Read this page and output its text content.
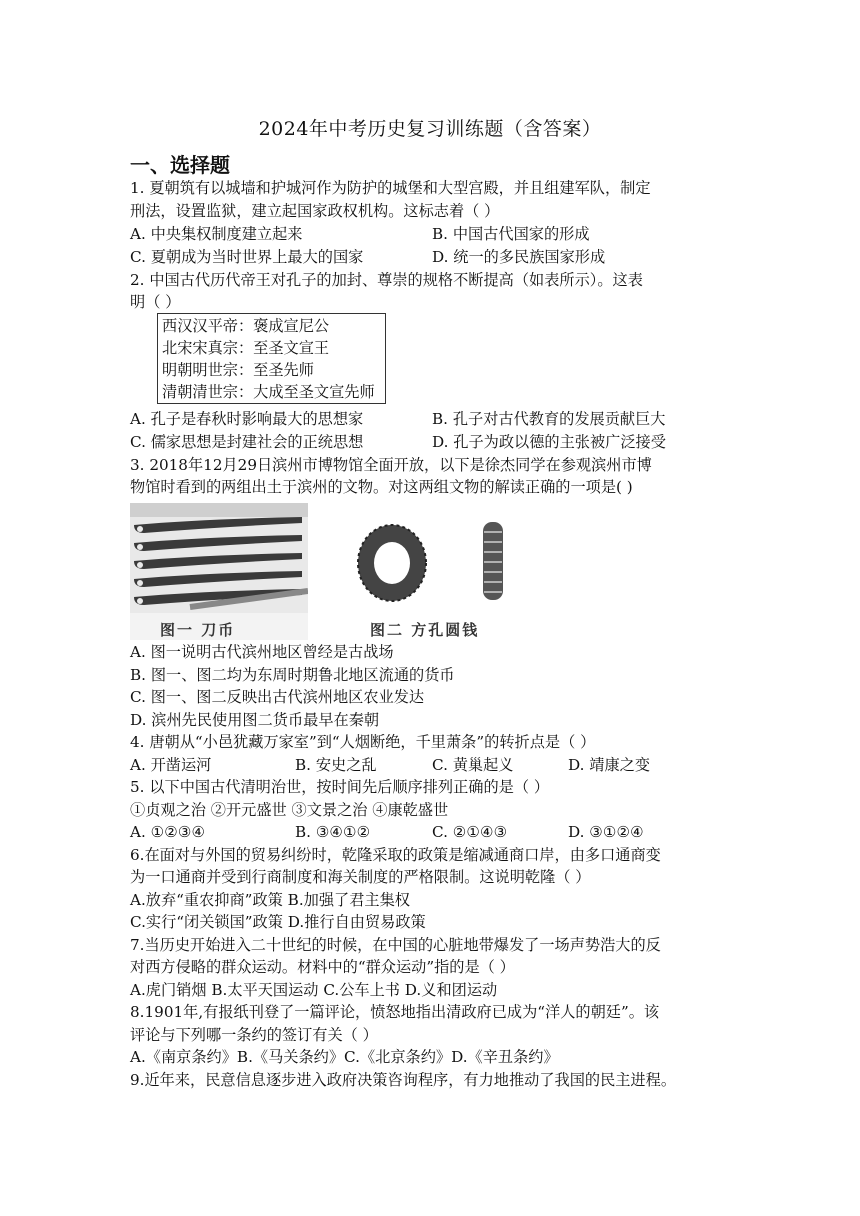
2024年中考历史复习训练题（含答案）
一、选择题
1. 夏朝筑有以城墙和护城河作为防护的城堡和大型宫殿，并且组建军队，制定
刑法，设置监狱，建立起国家政权机构。这标志着（ ）
A. 中央集权制度建立起来	B. 中国古代国家的形成
C. 夏朝成为当时世界上最大的国家	D. 统一的多民族国家形成
2. 中国古代历代帝王对孔子的加封、尊崇的规格不断提高（如表所示）。这表
明（ ）
西汉汉平帝：褒成宣尼公
北宋宋真宗：至圣文宣王
明朝明世宗：至圣先师
清朝清世宗：大成至圣文宣先师
A. 孔子是春秋时影响最大的思想家	B. 孔子对古代教育的发展贡献巨大
C. 儒家思想是封建社会的正统思想	D. 孔子为政以德的主张被广泛接受
3. 2018年12月29日滨州市博物馆全面开放，以下是徐杰同学在参观滨州市博
物馆时看到的两组出土于滨州的文物。对这两组文物的解读正确的一项是( )
图一 刀币	图二 方孔圆钱
A. 图一说明古代滨州地区曾经是古战场
B. 图一、图二均为东周时期鲁北地区流通的货币
C. 图一、图二反映出古代滨州地区农业发达
D. 滨州先民使用图二货币最早在秦朝
4. 唐朝从“小邑犹藏万家室”到“人烟断绝，千里萧条”的转折点是（ ）
A. 开凿运河	B. 安史之乱	C. 黄巢起义	D. 靖康之变
5. 以下中国古代清明治世，按时间先后顺序排列正确的是（ ）
①贞观之治 ②开元盛世 ③文景之治 ④康乾盛世
A. ①②③④	B. ③④①②	C. ②①④③	D. ③①②④
6.在面对与外国的贸易纠纷时，乾隆采取的政策是缩减通商口岸，由多口通商变
为一口通商并受到行商制度和海关制度的严格限制。这说明乾隆（ ）
A.放弃“重农抑商”政策 B.加强了君主集权
C.实行“闭关锁国”政策 D.推行自由贸易政策
7.当历史开始进入二十世纪的时候，在中国的心脏地带爆发了一场声势浩大的反
对西方侵略的群众运动。材料中的“群众运动”指的是（ ）
A.虎门销烟 B.太平天国运动 C.公车上书 D.义和团运动
8.1901年,有报纸刊登了一篇评论，愤怒地指出清政府已成为“洋人的朝廷”。该
评论与下列哪一条约的签订有关（ ）
A.《南京条约》B.《马关条约》C.《北京条约》D.《辛丑条约》
9.近年来，民意信息逐步进入政府决策咨询程序，有力地推动了我国的民主进程。
